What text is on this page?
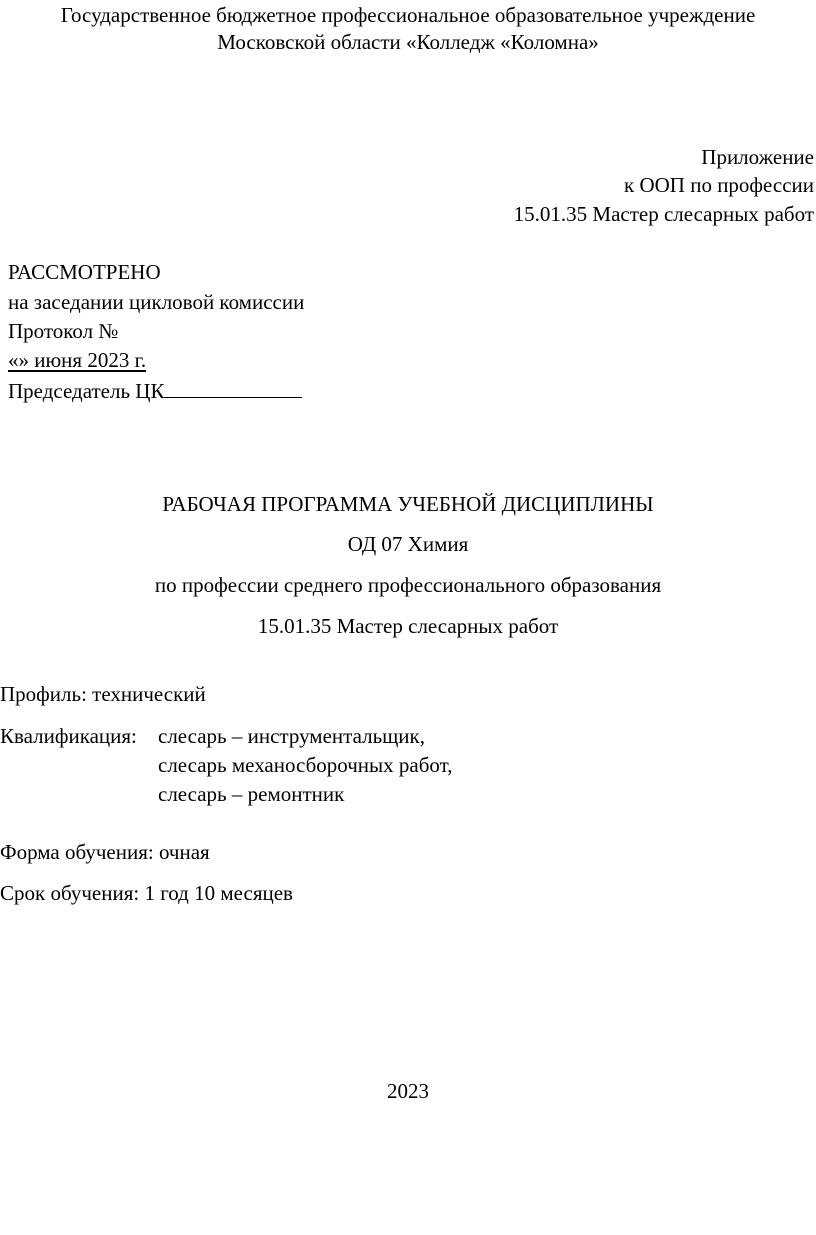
Государственное бюджетное профессиональное образовательное учреждение
Московской области «Колледж «Коломна»
Приложение
к ООП по профессии
15.01.35 Мастер слесарных работ
РАССМОТРЕНО
на заседании цикловой комиссии
Протокол №
«» июня 2023 г.
Председатель ЦК
РАБОЧАЯ ПРОГРАММА УЧЕБНОЙ ДИСЦИПЛИНЫ
ОД 07 Химия
по профессии среднего профессионального образования
15.01.35 Мастер слесарных работ
Профиль: технический
Квалификация: слесарь – инструментальщик,
слесарь механосборочных работ,
слесарь – ремонтник
Форма обучения: очная
Срок обучения: 1 год 10 месяцев
2023
